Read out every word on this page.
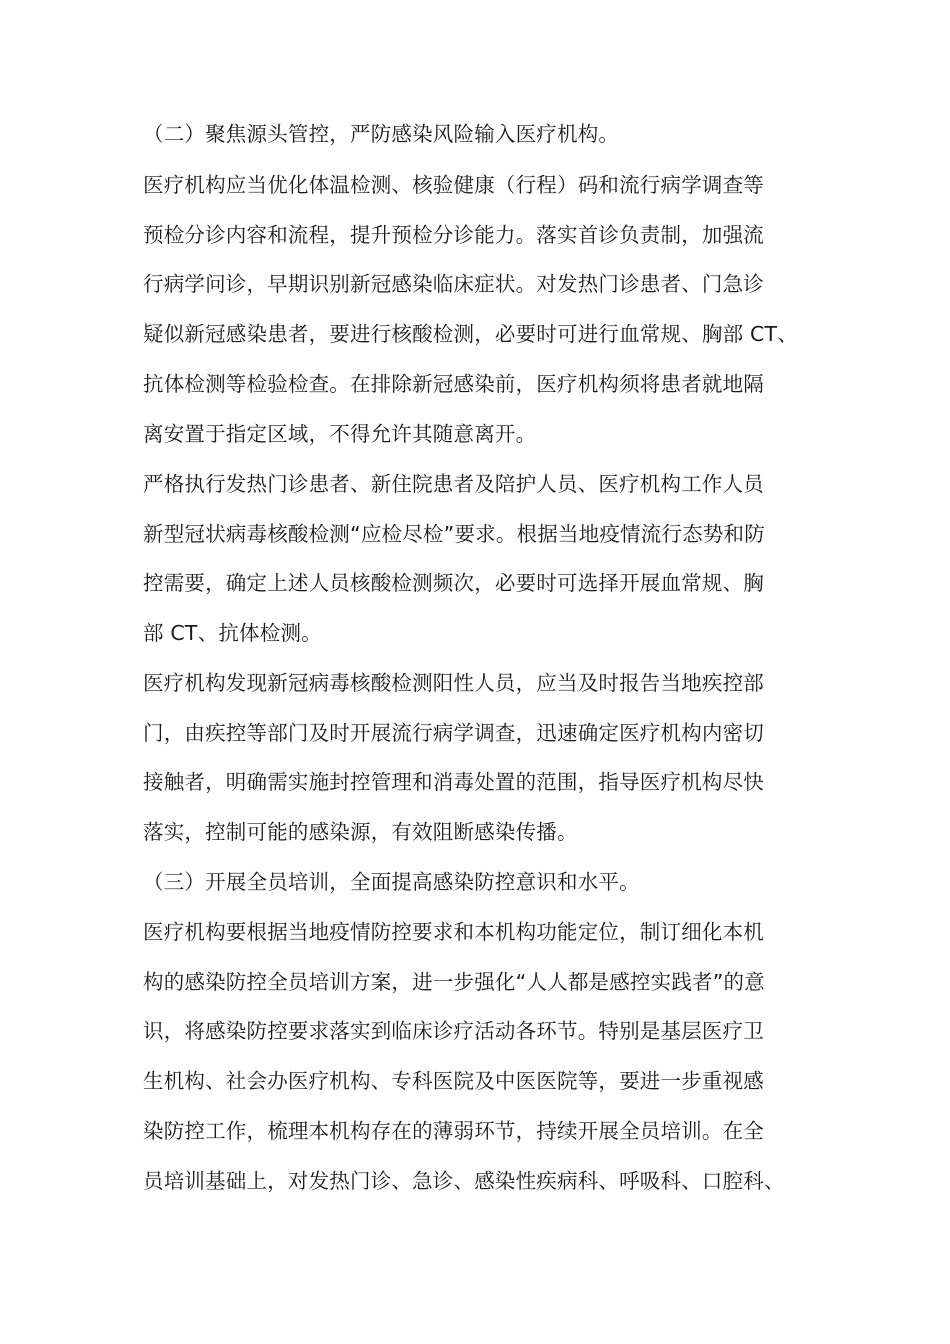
（二）聚焦源头管控，严防感染风险输入医疗机构。
医疗机构应当优化体温检测、核验健康（行程）码和流行病学调查等
预检分诊内容和流程，提升预检分诊能力。落实首诊负责制，加强流
行病学问诊，早期识别新冠感染临床症状。对发热门诊患者、门急诊
疑似新冠感染患者，要进行核酸检测，必要时可进行血常规、胸部 CT、
抗体检测等检验检查。在排除新冠感染前，医疗机构须将患者就地隔
离安置于指定区域，不得允许其随意离开。
严格执行发热门诊患者、新住院患者及陪护人员、医疗机构工作人员
新型冠状病毒核酸检测“应检尽检”要求。根据当地疫情流行态势和防
控需要，确定上述人员核酸检测频次，必要时可选择开展血常规、胸
部 CT、抗体检测。
医疗机构发现新冠病毒核酸检测阳性人员，应当及时报告当地疾控部
门，由疾控等部门及时开展流行病学调查，迅速确定医疗机构内密切
接触者，明确需实施封控管理和消毒处置的范围，指导医疗机构尽快
落实，控制可能的感染源，有效阻断感染传播。
（三）开展全员培训，全面提高感染防控意识和水平。
医疗机构要根据当地疫情防控要求和本机构功能定位，制订细化本机
构的感染防控全员培训方案，进一步强化“人人都是感控实践者”的意
识，将感染防控要求落实到临床诊疗活动各环节。特别是基层医疗卫
生机构、社会办医疗机构、专科医院及中医医院等，要进一步重视感
染防控工作，梳理本机构存在的薄弱环节，持续开展全员培训。在全
员培训基础上，对发热门诊、急诊、感染性疾病科、呼吸科、口腔科、
